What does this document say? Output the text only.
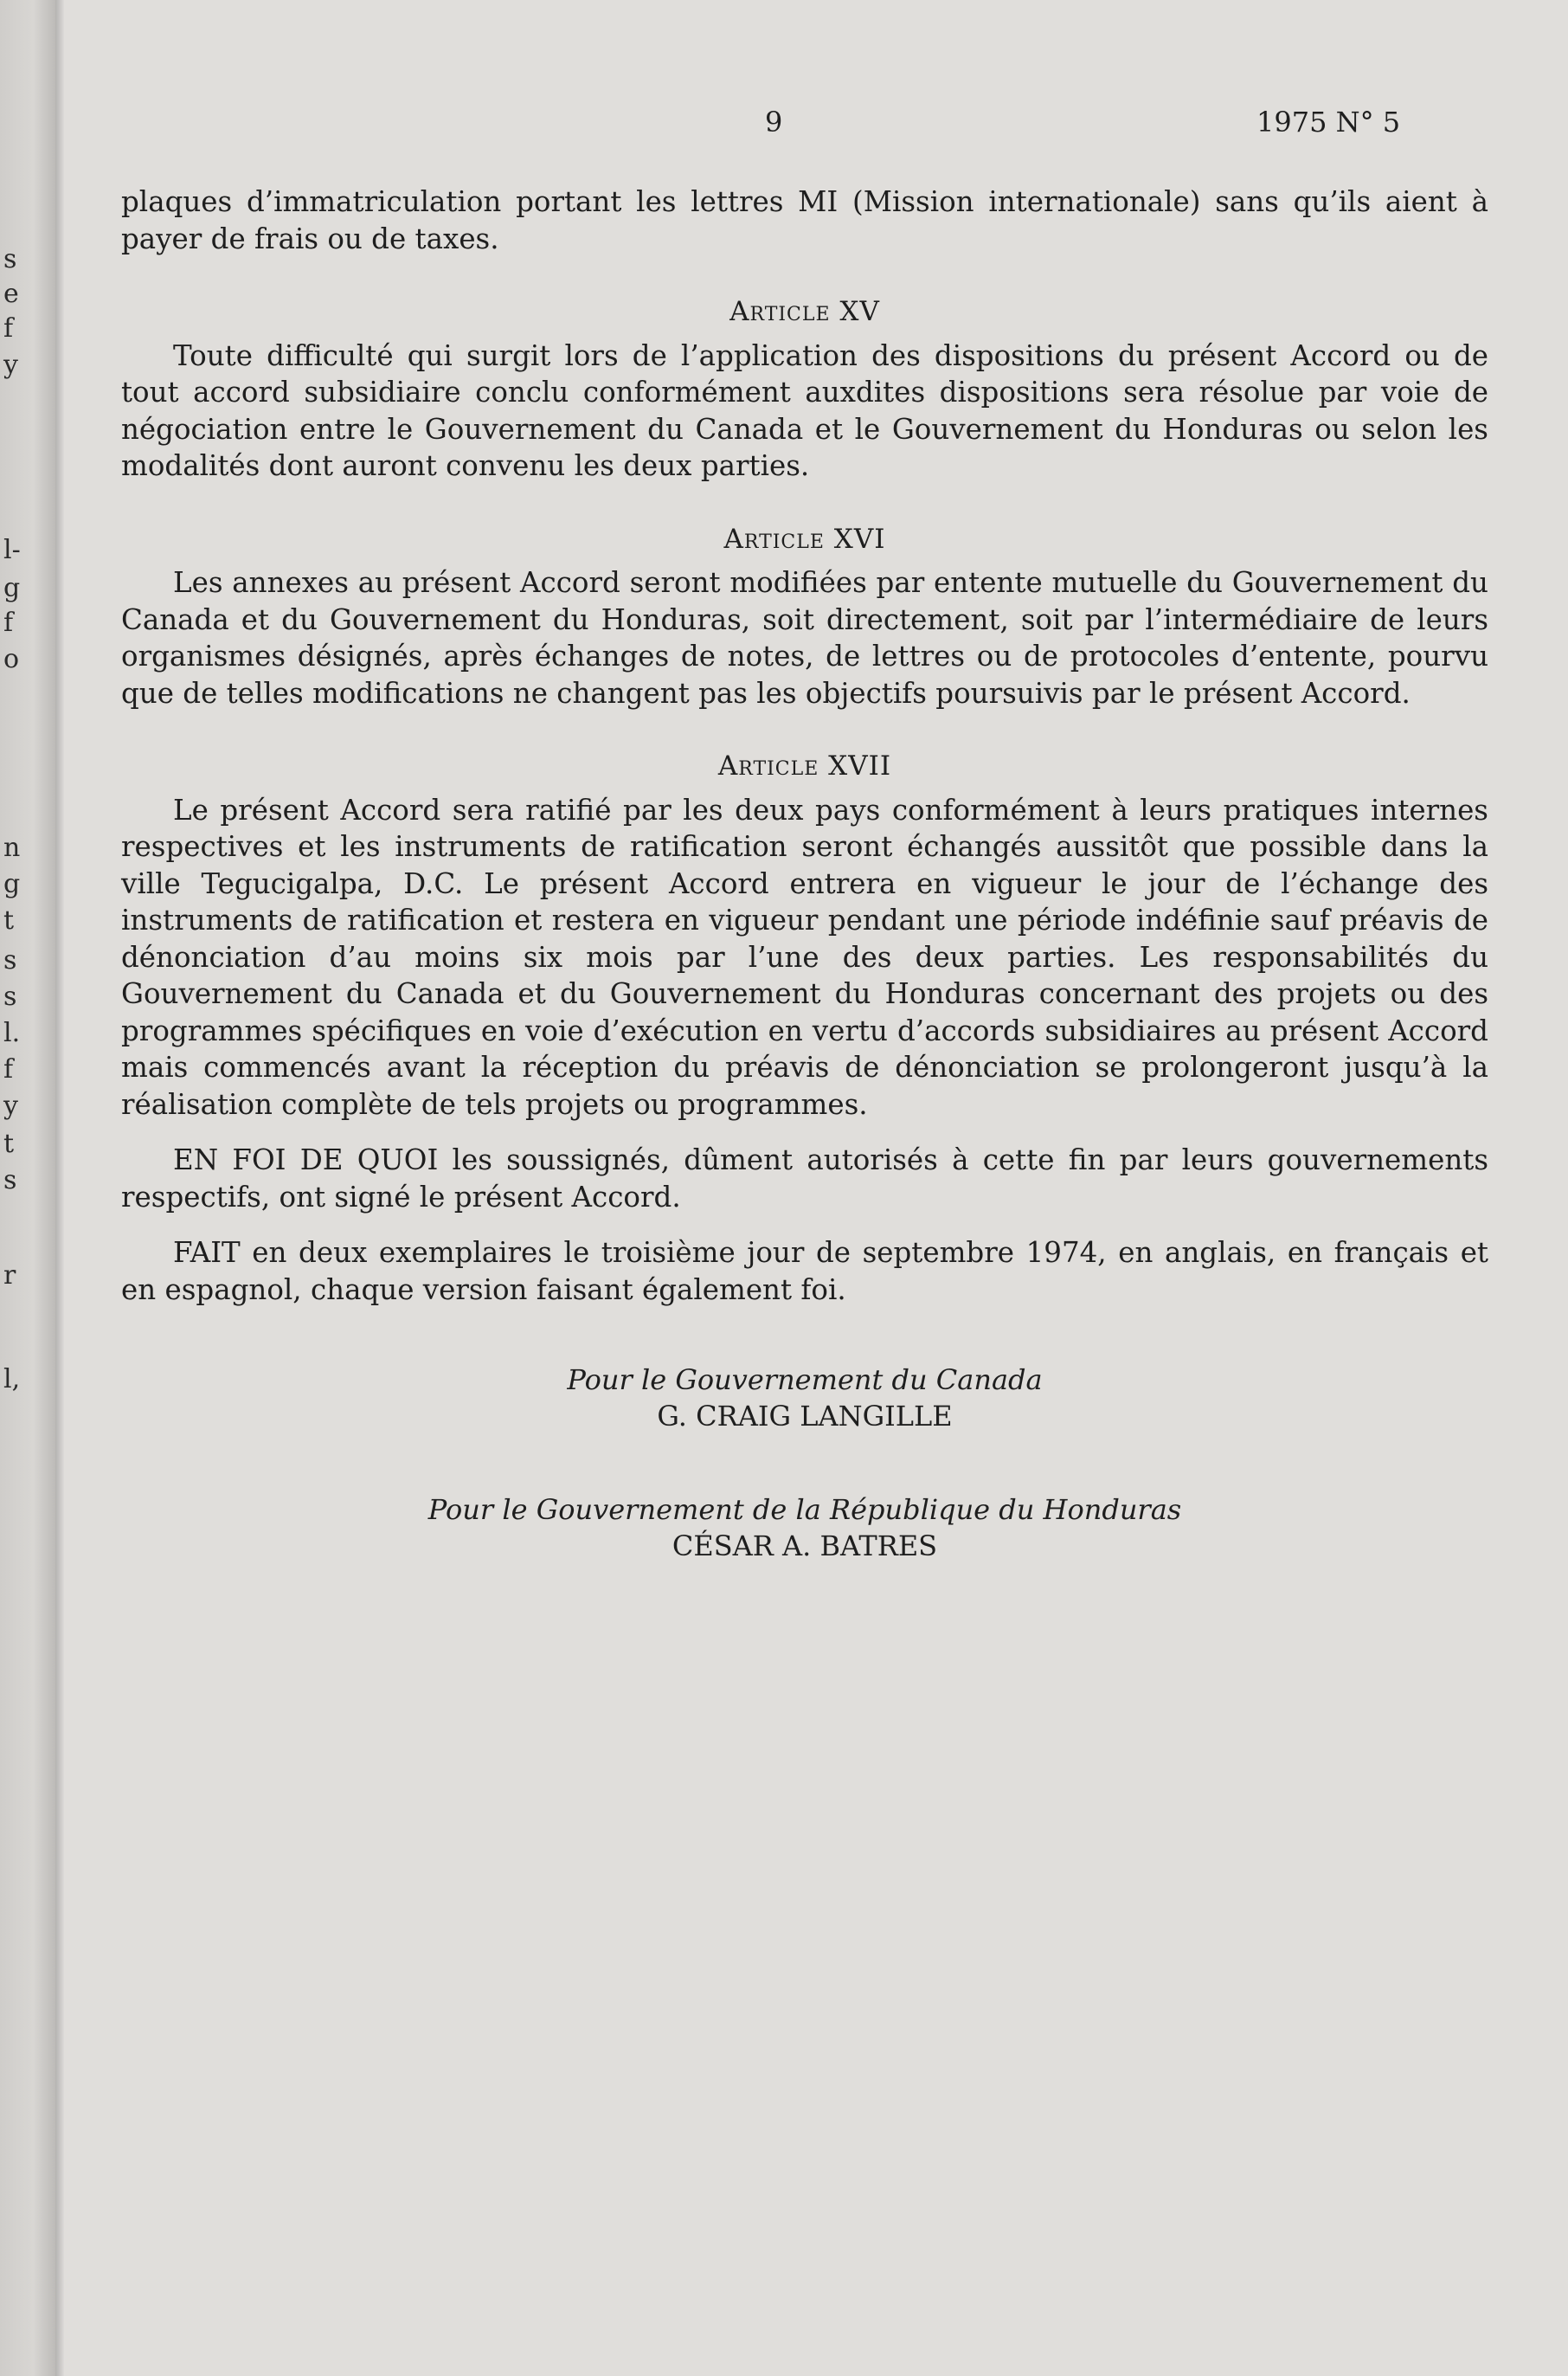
s
e
f
y
l-
g
f
o
n
g
t
s
s
l.
f
y
t
s
r
l,
9	1975 N° 5

plaques d’immatriculation portant les lettres MI (Mission internationale) sans qu’ils aient à payer de frais ou de taxes.

Article XV

Toute difficulté qui surgit lors de l’application des dispositions du présent Accord ou de tout accord subsidiaire conclu conformément auxdites dispositions sera résolue par voie de négociation entre le Gouvernement du Canada et le Gouvernement du Honduras ou selon les modalités dont auront convenu les deux parties.

Article XVI

Les annexes au présent Accord seront modifiées par entente mutuelle du Gouvernement du Canada et du Gouvernement du Honduras, soit directement, soit par l’intermédiaire de leurs organismes désignés, après échanges de notes, de lettres ou de protocoles d’entente, pourvu que de telles modifications ne changent pas les objectifs poursuivis par le présent Accord.

Article XVII

Le présent Accord sera ratifié par les deux pays conformément à leurs pratiques internes respectives et les instruments de ratification seront échangés aussitôt que possible dans la ville Tegucigalpa, D.C. Le présent Accord entrera en vigueur le jour de l’échange des instruments de ratification et restera en vigueur pendant une période indéfinie sauf préavis de dénonciation d’au moins six mois par l’une des deux parties. Les responsabilités du Gouvernement du Canada et du Gouvernement du Honduras concernant des projets ou des programmes spécifiques en voie d’exécution en vertu d’accords subsidiaires au présent Accord mais commencés avant la réception du préavis de dénonciation se prolongeront jusqu’à la réalisation complète de tels projets ou programmes.

EN FOI DE QUOI les soussignés, dûment autorisés à cette fin par leurs gouvernements respectifs, ont signé le présent Accord.

FAIT en deux exemplaires le troisième jour de septembre 1974, en anglais, en français et en espagnol, chaque version faisant également foi.

Pour le Gouvernement du Canada

G. CRAIG LANGILLE

Pour le Gouvernement de la République du Honduras

CÉSAR A. BATRES
